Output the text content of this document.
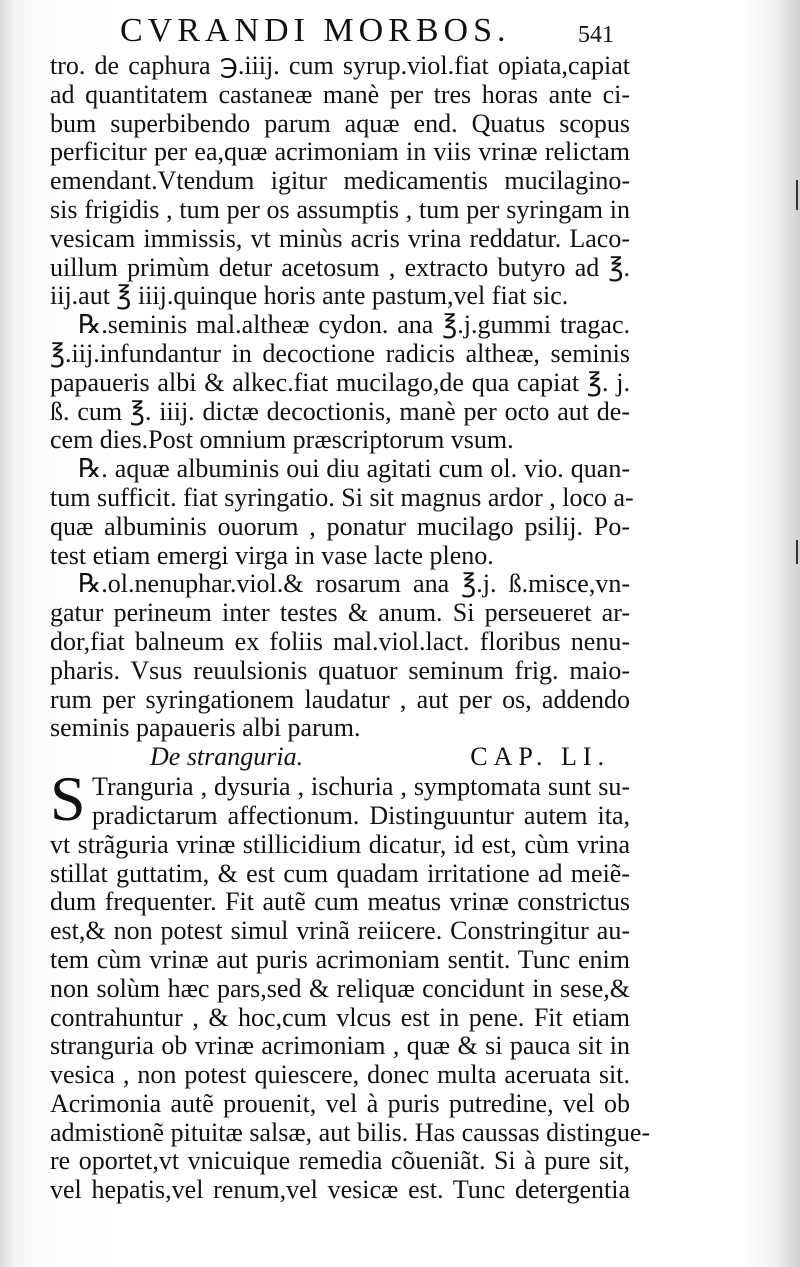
CVRANDI MORBOS.	541
tro. de caphura ℈.iiij. cum syrup.viol.fiat opiata,capiat
ad quantitatem castaneæ manè per tres horas ante ci-
bum superbibendo parum aquæ end. Quatus scopus
perficitur per ea,quæ acrimoniam in viis vrinæ relictam
emendant.Vtendum igitur medicamentis mucilagino-
sis frigidis , tum per os assumptis , tum per syringam in
vesicam immissis, vt minùs acris vrina reddatur. Laco-
uillum primùm detur acetosum , extracto butyro ad ℥.
iij.aut ℥ iiij.quinque horis ante pastum,vel fiat sic.
℞.seminis mal.altheæ cydon. ana ℥.j.gummi tragac.
℥.iij.infundantur in decoctione radicis altheæ, seminis
papaueris albi & alkec.fiat mucilago,de qua capiat ℥. j.
ß. cum ℥. iiij. dictæ decoctionis, manè per octo aut de-
cem dies.Post omnium præscriptorum vsum.
℞. aquæ albuminis oui diu agitati cum ol. vio. quan-
tum sufficit. fiat syringatio. Si sit magnus ardor , loco a-
quæ albuminis ouorum , ponatur mucilago psilij. Po-
test etiam emergi virga in vase lacte pleno.
℞.ol.nenuphar.viol.& rosarum ana ℥.j. ß.misce,vn-
gatur perineum inter testes & anum. Si perseueret ar-
dor,fiat balneum ex foliis mal.viol.lact. floribus nenu-
pharis. Vsus reuulsionis quatuor seminum frig. maio-
rum per syringationem laudatur , aut per os, addendo
seminis papaueris albi parum.
De stranguria.	CAP. LI.
S Tranguria , dysuria , ischuria , symptomata sunt su-
pradictarum affectionum. Distinguuntur autem ita,
vt strãguria vrinæ stillicidium dicatur, id est, cùm vrina
stillat guttatim, & est cum quadam irritatione ad meiẽ-
dum frequenter. Fit autẽ cum meatus vrinæ constrictus
est,& non potest simul vrinã reiicere. Constringitur au-
tem cùm vrinæ aut puris acrimoniam sentit. Tunc enim
non solùm hæc pars,sed & reliquæ concidunt in sese,&
contrahuntur , & hoc,cum vlcus est in pene. Fit etiam
stranguria ob vrinæ acrimoniam , quæ & si pauca sit in
vesica , non potest quiescere, donec multa aceruata sit.
Acrimonia autẽ prouenit, vel à puris putredine, vel ob
admistionẽ pituitæ salsæ, aut bilis. Has caussas distingue-
re oportet,vt vnicuique remedia cõueniãt. Si à pure sit,
vel hepatis,vel renum,vel vesicæ est. Tunc detergentia
